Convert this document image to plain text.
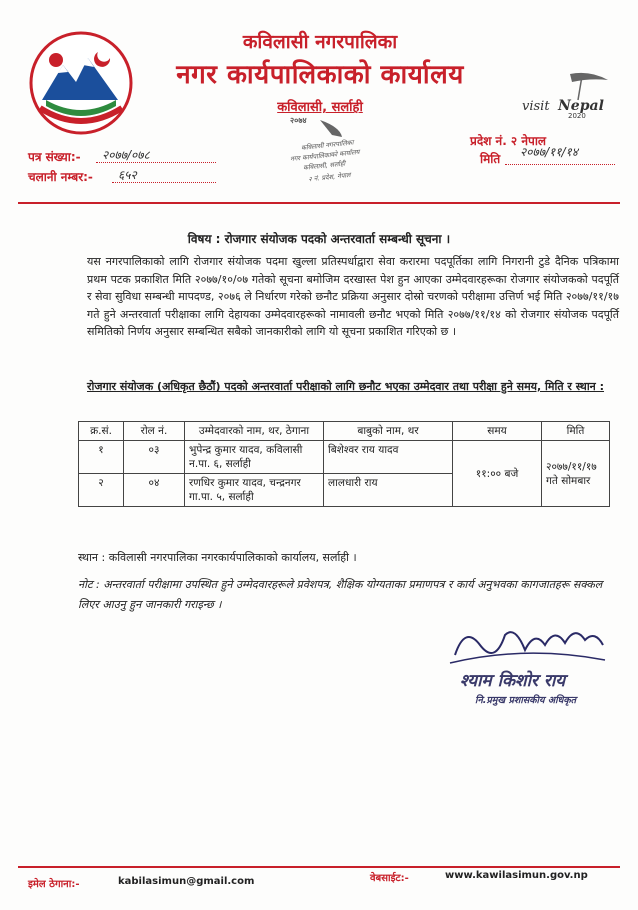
कविलासी नगरपालिका
नगर कार्यपालिकाको कार्यालय
कविलासी, सर्लाही	visit Nepal
2020
२०७४
कविलासी नगरपालिका
नगर कार्यपालिकाको कार्यालय
कविलासी, सर्लाही
२ नं. प्रदेश, नेपाल
पत्र संख्या:- २०७७/०७८
चलानी नम्बर:- ६५२
प्रदेश नं. २ नेपाल
मिति २०७७/११/१४
विषय : रोजगार संयोजक पदको अन्तरवार्ता सम्बन्धी सूचना ।
यस नगरपालिकाको लागि रोजगार संयोजक पदमा खुल्ला प्रतिस्पर्धाद्वारा सेवा करारमा पदपूर्तिका लागि निगरानी टुडे दैनिक पत्रिकामा प्रथम पटक प्रकाशित मिति २०७७/१०/०७ गतेको सूचना बमोजिम दरखास्त पेश हुन आएका उम्मेदवारहरूका रोजगार संयोजकको पदपूर्ति र सेवा सुविधा सम्बन्धी मापदण्ड, २०७६ ले निर्धारण गरेको छनौट प्रक्रिया अनुसार दोस्रो चरणको परीक्षामा उत्तिर्ण भई मिति २०७७/११/१७ गते हुने अन्तरवार्ता परीक्षाका लागि देहायका उम्मेदवारहरूको नामावली छनौट भएको मिति २०७७/११/१४ को रोजगार संयोजक पदपूर्ति समितिको निर्णय अनुसार सम्बन्धित सबैको जानकारीको लागि यो सूचना प्रकाशित गरिएको छ ।
रोजगार संयोजक (अधिकृत छैठौं) पदको अन्तरवार्ता परीक्षाको लागि छनौट भएका उम्मेदवार तथा परीक्षा हुने समय, मिति र स्थान :
क्र.सं.	रोल नं.	उम्मेदवारको नाम, थर, ठेगाना	बाबुको नाम, थर	समय	मिति
१	०३	भुपेन्द्र कुमार यादव, कविलासी न.पा. ६, सर्लाही	बिशेश्वर राय यादव	११:०० बजे	२०७७/११/१७ गते सोमबार
२	०४	रणधिर कुमार यादव, चन्द्रनगर गा.पा. ५, सर्लाही	लालधारी राय		
स्थान : कविलासी नगरपालिका नगरकार्यपालिकाको कार्यालय, सर्लाही ।
नोट : अन्तरवार्ता परीक्षामा उपस्थित हुने उम्मेदवारहरूले प्रवेशपत्र, शैक्षिक योग्यताका प्रमाणपत्र र कार्य अनुभवका कागजातहरू सक्कल लिएर आउनु हुन जानकारी गराइन्छ ।
श्याम किशोर राय
नि.प्रमुख प्रशासकीय अधिकृत
इमेल ठेगाना:-	kabilasimun@gmail.com	वेबसाईट:-	www.kawilasimun.gov.np
